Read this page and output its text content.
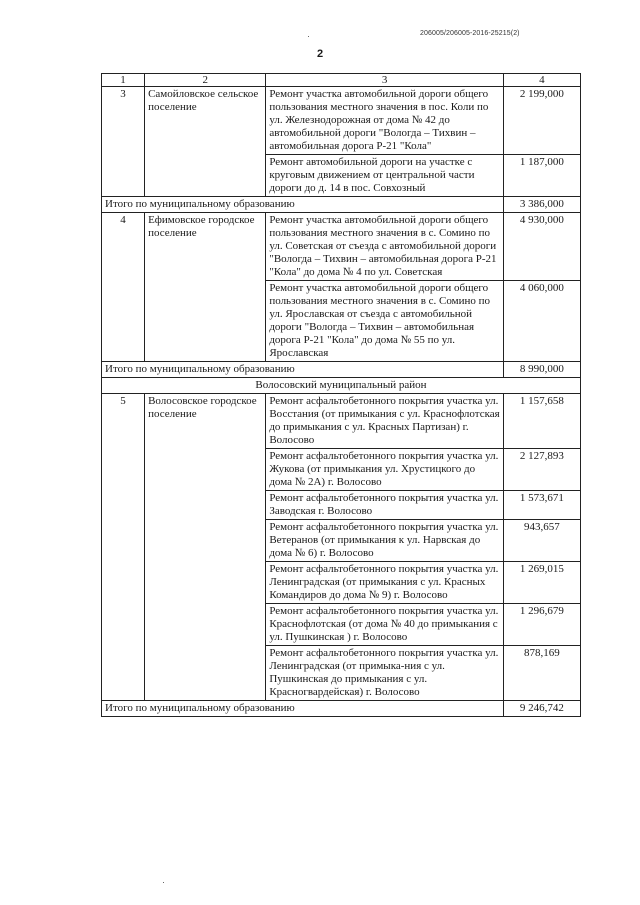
206005/206005-2016-25215(2)
2
1	2	3	4
3	Самойловское сельское поселение	Ремонт участка автомобильной дороги общего пользования местного значения в пос. Коли по ул. Железнодорожная от дома № 42 до автомобильной дороги "Вологда – Тихвин – автомобильная дорога Р-21 "Кола"	2 199,000
		Ремонт автомобильной дороги на участке с круговым движением от центральной части дороги до д. 14 в пос. Совхозный	1 187,000
Итого по муниципальному образованию			3 386,000
4	Ефимовское городское поселение	Ремонт участка автомобильной дороги общего пользования местного значения в с. Сомино по ул. Советская от съезда с автомобильной дороги "Вологда – Тихвин – автомобильная дорога Р-21 "Кола" до дома № 4 по ул. Советская	4 930,000
		Ремонт участка автомобильной дороги общего пользования местного значения в с. Сомино по ул. Ярославская от съезда с автомобильной дороги "Вологда – Тихвин – автомобильная дорога Р-21 "Кола" до дома № 55 по ул. Ярославская	4 060,000
Итого по муниципальному образованию			8 990,000
Волосовский муниципальный район			
5	Волосовское городское поселение	Ремонт асфальтобетонного покрытия участка ул. Восстания (от примыкания с ул. Краснофлотская до примыкания с ул. Красных Партизан) г. Волосово	1 157,658
		Ремонт асфальтобетонного покрытия участка ул. Жукова (от примыкания ул. Хрустицкого до дома № 2А) г. Волосово	2 127,893
		Ремонт асфальтобетонного покрытия участка ул. Заводская г. Волосово	1 573,671
		Ремонт асфальтобетонного покрытия участка ул. Ветеранов (от примыкания к ул. Нарвская до дома № 6) г. Волосово	943,657
		Ремонт асфальтобетонного покрытия участка ул. Ленинградская (от примыкания с ул. Красных Командиров до дома № 9) г. Волосово	1 269,015
		Ремонт асфальтобетонного покрытия участка ул. Краснофлотская (от дома № 40 до примыкания с ул. Пушкинская ) г. Волосово	1 296,679
		Ремонт асфальтобетонного покрытия участка ул. Ленинградская (от примыка-ния с ул. Пушкинская до примыкания с ул. Красногвардейская) г. Волосово	878,169
Итого по муниципальному образованию			9 246,742
